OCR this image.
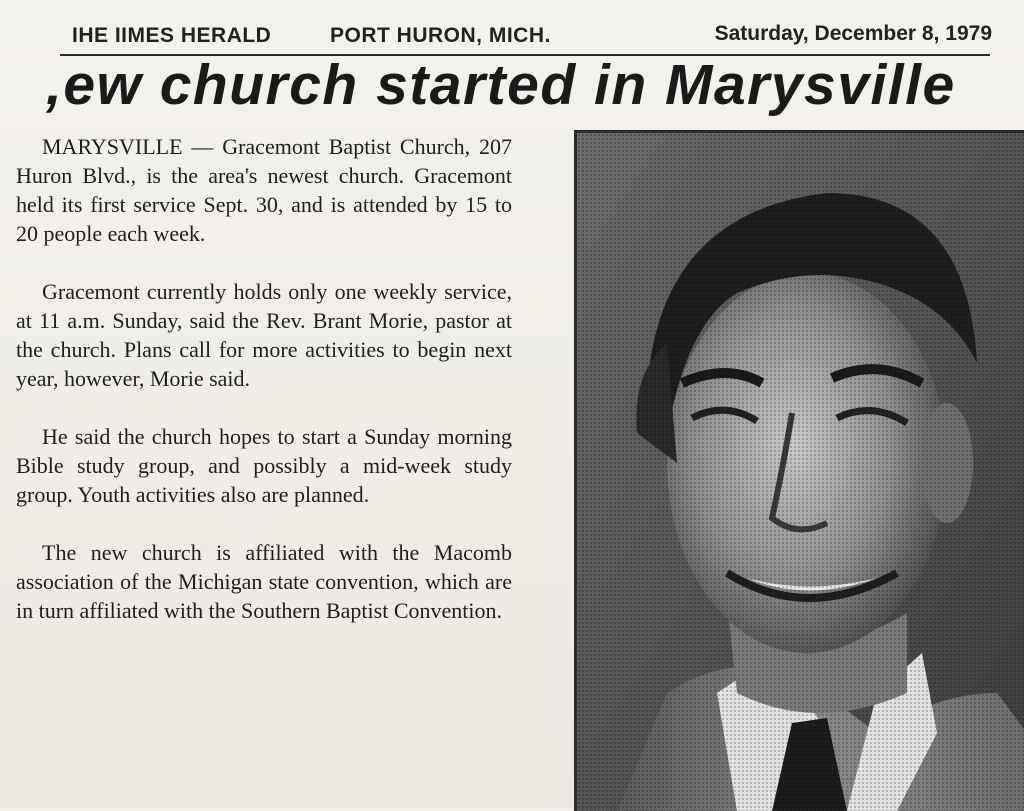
IHE IIMES HERALD	PORT HURON, MICH.	Saturday, December 8, 1979
,ew church started in Marysville

MARYSVILLE — Gracemont Baptist Church, 207 Huron Blvd., is the area's newest church. Gracemont held its first service Sept. 30, and is attended by 15 to 20 people each week.

Gracemont currently holds only one weekly service, at 11 a.m. Sunday, said the Rev. Brant Morie, pastor at the church. Plans call for more activities to begin next year, however, Morie said.

He said the church hopes to start a Sunday morning Bible study group, and possibly a mid-week study group. Youth activities also are planned.

The new church is affiliated with the Macomb association of the Michigan state convention, which are in turn affiliated with the Southern Baptist Convention.
